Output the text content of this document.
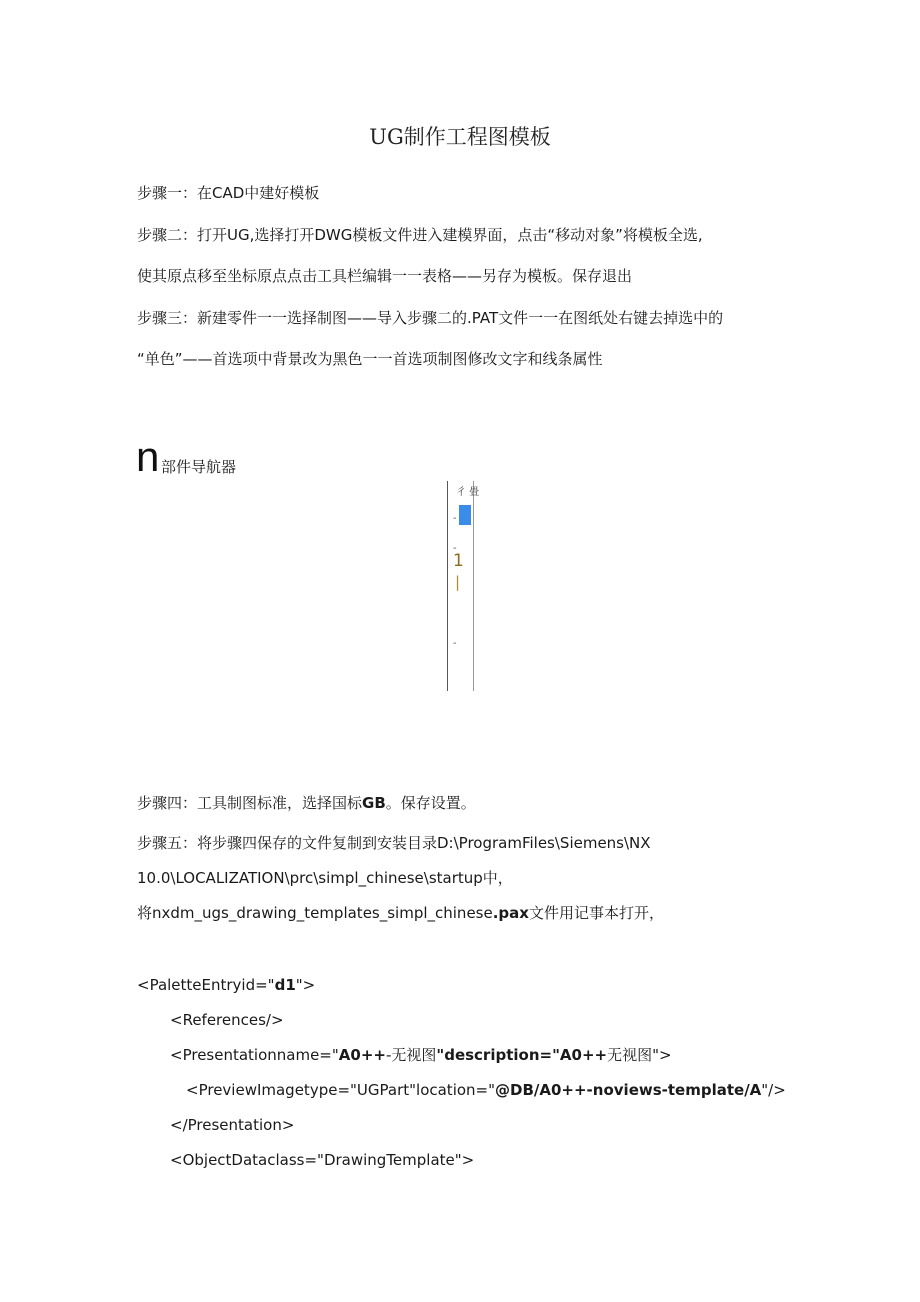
UG制作工程图模板
步骤一：在CAD中建好模板
步骤二：打开UG,选择打开DWG模板文件进入建模界面，点击“移动对象”将模板全选,
使其原点移至坐标原点点击工具栏编辑一一表格——另存为模板。保存退出
步骤三：新建零件一一选择制图——导入步骤二的.PAT文件一一在图纸处右键去掉选中的
“单色”——首选项中背景改为黑色一一首选项制图修改文字和线条属性
n 部件导航器
彳 畳
-
-
1
|
-
步骤四：工具制图标准，选择国标GB。保存设置。
步骤五：将步骤四保存的文件复制到安装目录D:\ProgramFiles\Siemens\NX
10.0\LOCALIZATION\prc\simpl_chinese\startup中，
将nxdm_ugs_drawing_templates_simpl_chinese.pax文件用记事本打开，
<PaletteEntryid="d1">
<References/>
<Presentationname="A0++-无视图"description="A0++无视图">
<PreviewImagetype="UGPart"location="@DB/A0++-noviews-template/A"/>
</Presentation>
<ObjectDataclass="DrawingTemplate">
